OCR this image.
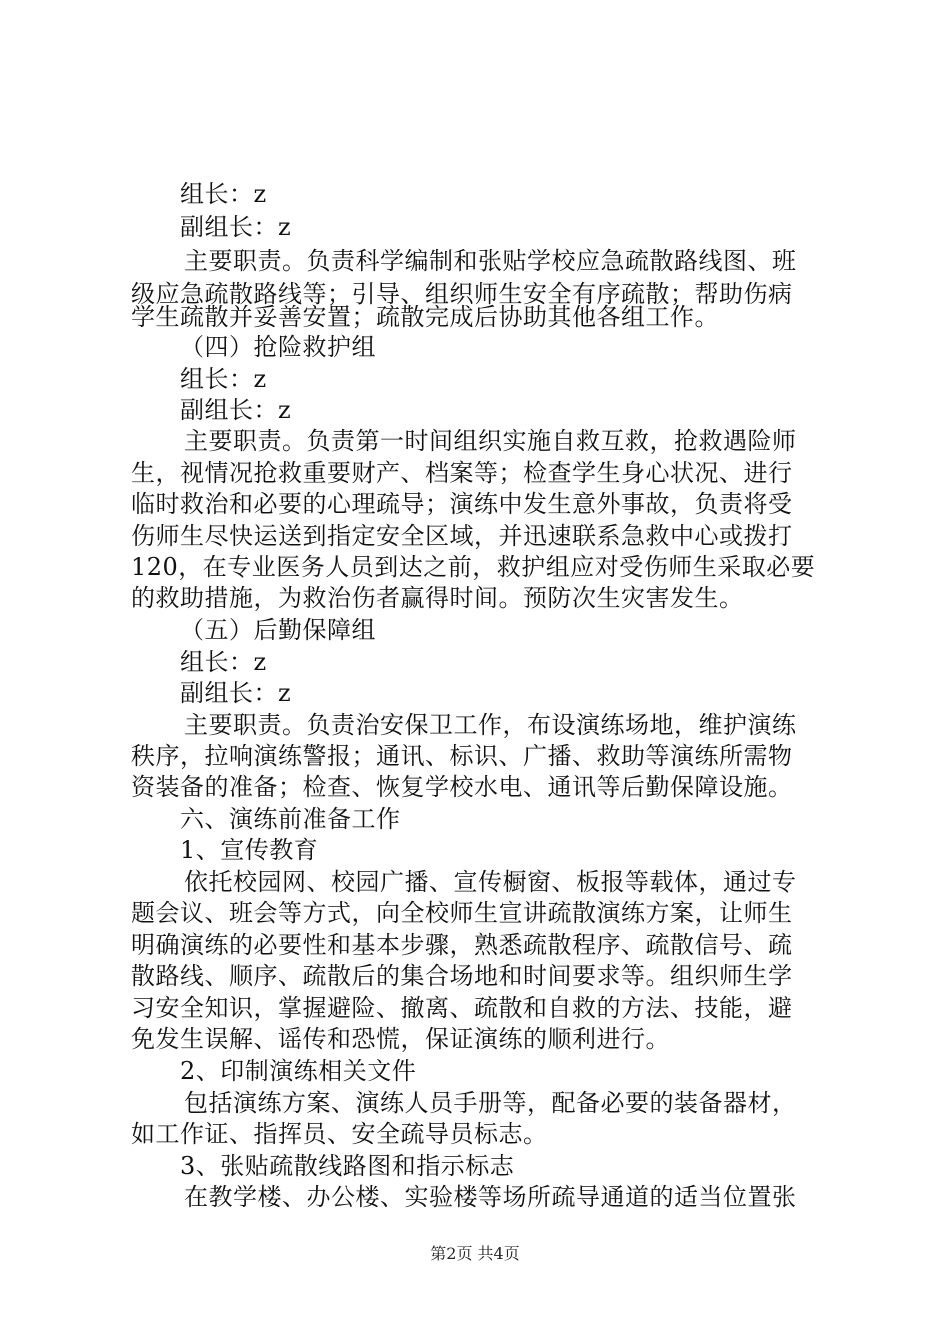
组长：z
副组长：z
主要职责。负责科学编制和张贴学校应急疏散路线图、班
级应急疏散路线等；引导、组织师生安全有序疏散；帮助伤病
学生疏散并妥善安置；疏散完成后协助其他各组工作。
（四）抢险救护组
组长：z
副组长：z
主要职责。负责第一时间组织实施自救互救，抢救遇险师
生，视情况抢救重要财产、档案等；检查学生身心状况、进行
临时救治和必要的心理疏导；演练中发生意外事故，负责将受
伤师生尽快运送到指定安全区域，并迅速联系急救中心或拨打
120，在专业医务人员到达之前，救护组应对受伤师生采取必要
的救助措施，为救治伤者赢得时间。预防次生灾害发生。
（五）后勤保障组
组长：z
副组长：z
主要职责。负责治安保卫工作，布设演练场地，维护演练
秩序，拉响演练警报；通讯、标识、广播、救助等演练所需物
资装备的准备；检查、恢复学校水电、通讯等后勤保障设施。
六、演练前准备工作
1、宣传教育
依托校园网、校园广播、宣传橱窗、板报等载体，通过专
题会议、班会等方式，向全校师生宣讲疏散演练方案，让师生
明确演练的必要性和基本步骤，熟悉疏散程序、疏散信号、疏
散路线、顺序、疏散后的集合场地和时间要求等。组织师生学
习安全知识，掌握避险、撤离、疏散和自救的方法、技能，避
免发生误解、谣传和恐慌，保证演练的顺利进行。
2、印制演练相关文件
包括演练方案、演练人员手册等，配备必要的装备器材，
如工作证、指挥员、安全疏导员标志。
3、张贴疏散线路图和指示标志
在教学楼、办公楼、实验楼等场所疏导通道的适当位置张
第2页 共4页
